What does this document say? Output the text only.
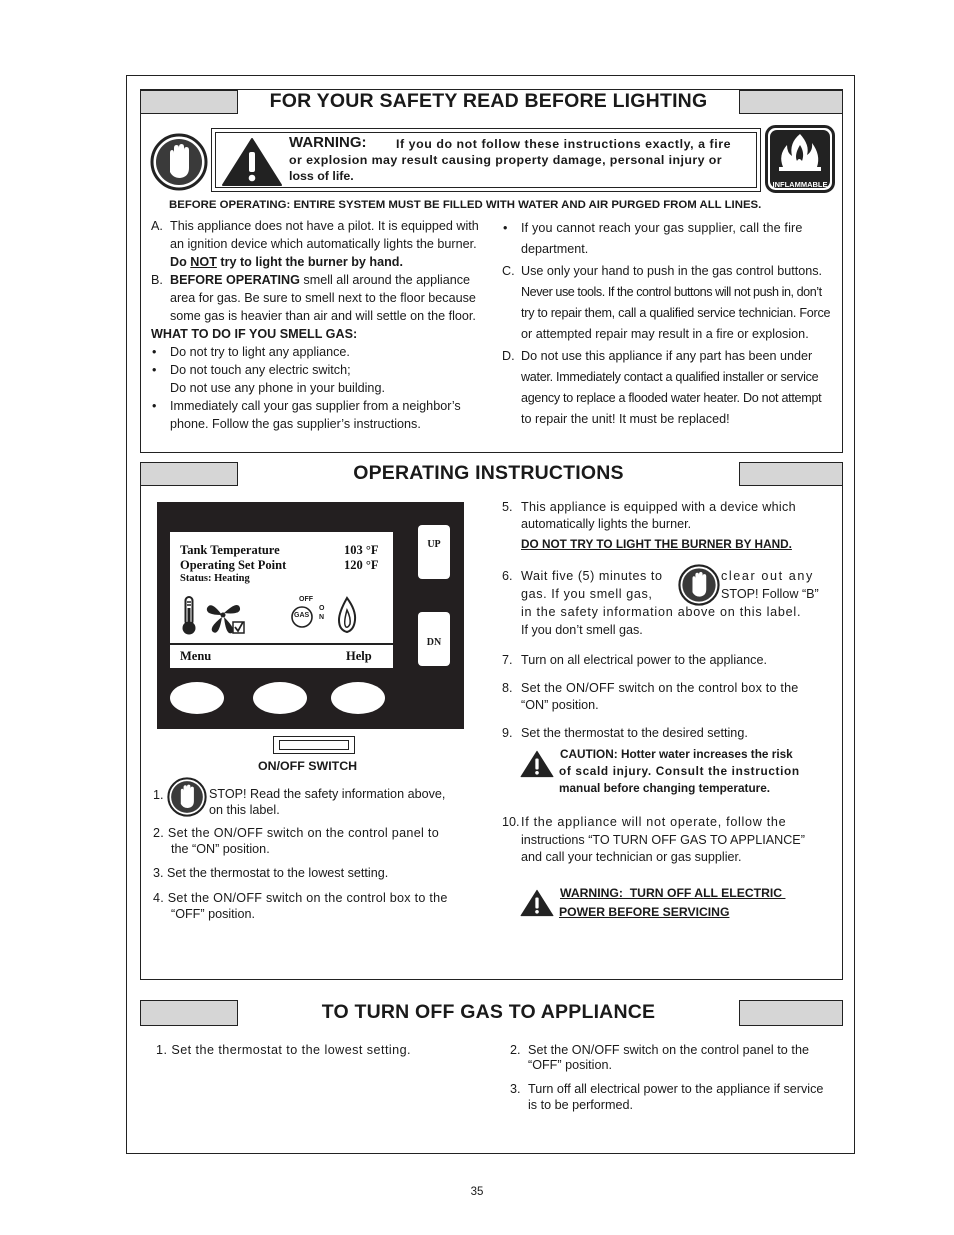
FOR YOUR SAFETY READ BEFORE LIGHTING
WARNING: If you do not follow these instructions exactly, a fire
or explosion may result causing property damage, personal injury or
loss of life.
INFLAMMABLE
BEFORE OPERATING: ENTIRE SYSTEM MUST BE FILLED WITH WATER AND AIR PURGED FROM ALL LINES.
A. This appliance does not have a pilot. It is equipped with
an ignition device which automatically lights the burner.
Do NOT try to light the burner by hand.
B. BEFORE OPERATING smell all around the appliance
area for gas. Be sure to smell next to the floor because
some gas is heavier than air and will settle on the floor.
WHAT TO DO IF YOU SMELL GAS:
• Do not try to light any appliance.
• Do not touch any electric switch;
Do not use any phone in your building.
• Immediately call your gas supplier from a neighbor’s
phone. Follow the gas supplier’s instructions.
• If you cannot reach your gas supplier, call the fire
department.
C. Use only your hand to push in the gas control buttons.
Never use tools. If the control buttons will not push in, don’t
try to repair them, call a qualified service technician. Force
or attempted repair may result in a fire or explosion.
D. Do not use this appliance if any part has been under
water. Immediately contact a qualified installer or service
agency to replace a flooded water heater. Do not attempt
to repair the unit! It must be replaced!
OPERATING INSTRUCTIONS
Tank Temperature	103 °F
Operating Set Point	120 °F
Status: Heating
OFF
GAS
O
N
Menu	Help
UP
DN
ON/OFF SWITCH
1.	STOP! Read the safety information above,
on this label.
2. Set the ON/OFF switch on the control panel to
the “ON” position.
3. Set the thermostat to the lowest setting.
4. Set the ON/OFF switch on the control box to the
“OFF” position.
5. This appliance is equipped with a device which
automatically lights the burner.
DO NOT TRY TO LIGHT THE BURNER BY HAND.
6. Wait five (5) minutes to	clear out any
gas. If you smell gas,	STOP! Follow “B”
in the safety information above on this label.
If you don’t smell gas.
7. Turn on all electrical power to the appliance.
8. Set the ON/OFF switch on the control box to the
“ON” position.
9. Set the thermostat to the desired setting.
CAUTION: Hotter water increases the risk
of scald injury. Consult the instruction
manual before changing temperature.
10. If the appliance will not operate, follow the
instructions “TO TURN OFF GAS TO APPLIANCE”
and call your technician or gas supplier.
WARNING:  TURN OFF ALL ELECTRIC
POWER BEFORE SERVICING
TO TURN OFF GAS TO APPLIANCE
1. Set the thermostat to the lowest setting.	2. Set the ON/OFF switch on the control panel to the
“OFF” position.
3. Turn off all electrical power to the appliance if service
is to be performed.
35
